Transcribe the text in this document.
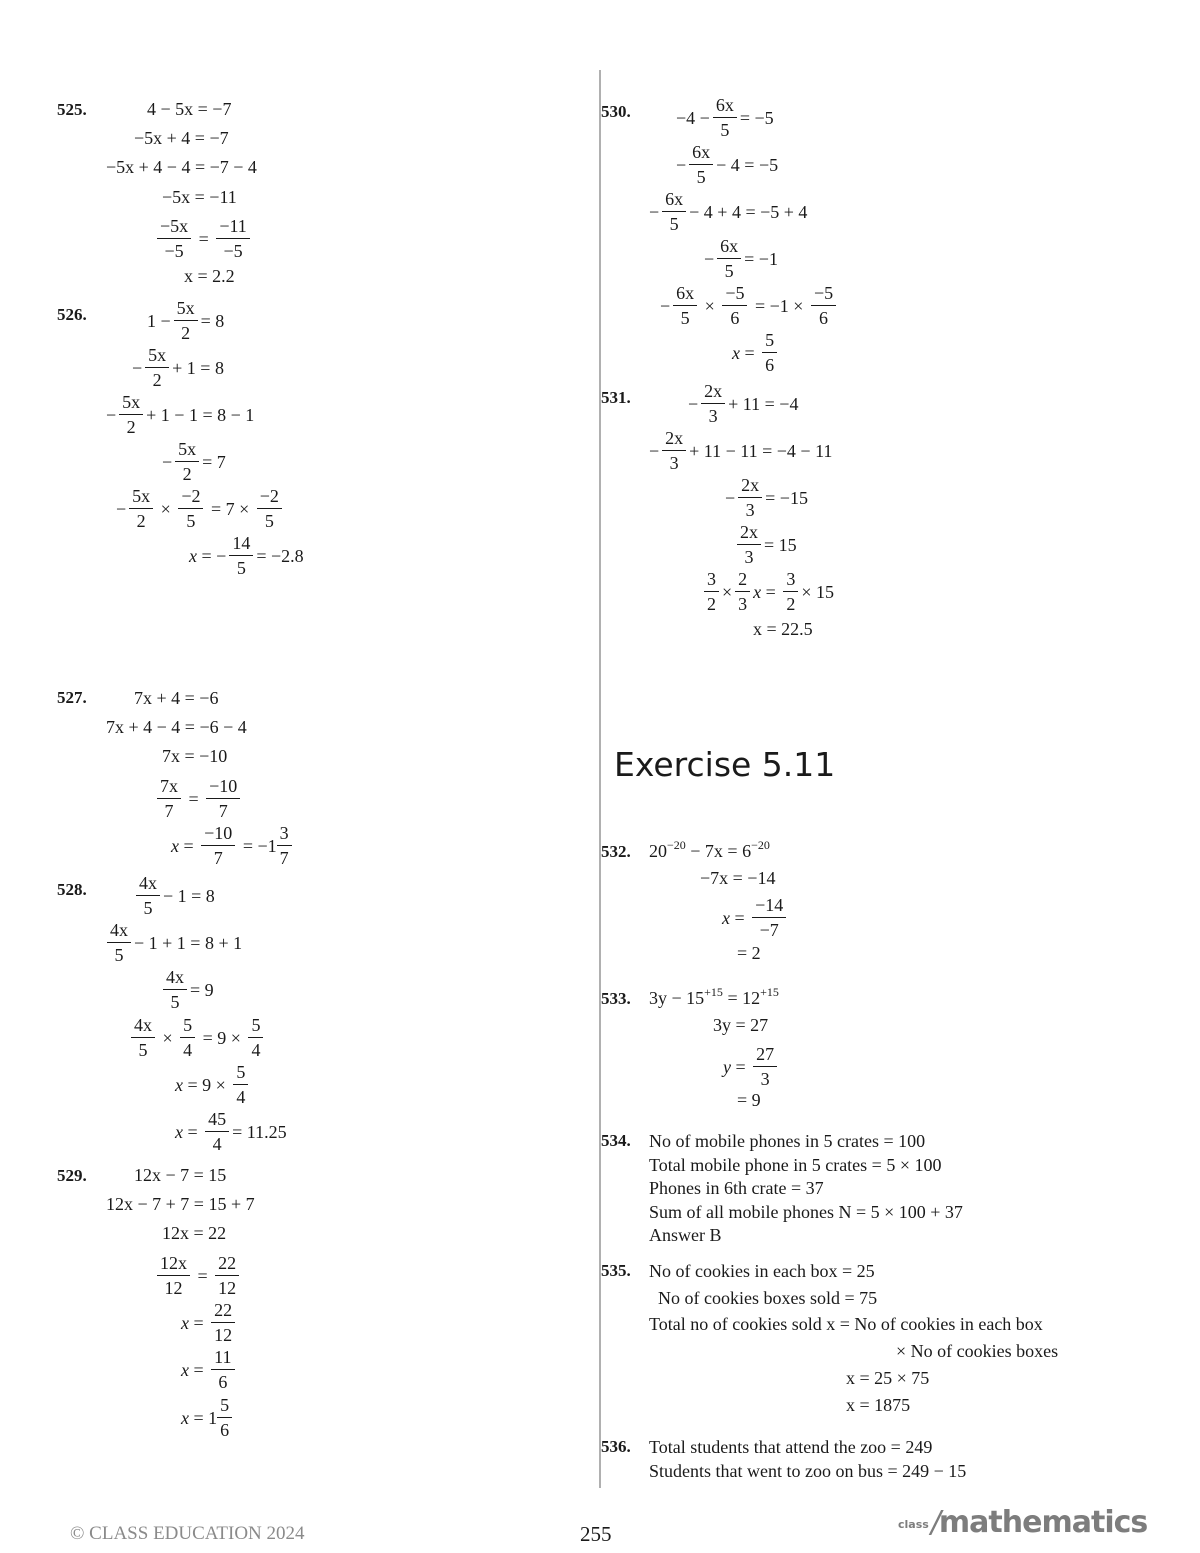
525.	4 − 5x = −7
−5x + 4 = −7
−5x + 4 − 4 = −7 − 4
−5x = −11
$\frac{-5x}{-5} = \frac{-11}{-5}$
x = 2.2
526.	$1 - \frac{5x}{2} = 8$
− $\frac{5x}{2} + 1 = 8$
− $\frac{5x}{2} + 1 - 1 = 8 - 1$
− $\frac{5x}{2} = 7$
− $\frac{5x}{2} \times \frac{-2}{5} = 7 \times \frac{-2}{5}$
x = − $\frac{14}{5} = -2.8$
527.	7x + 4 = −6
7x + 4 − 4 = −6 − 4
7x = −10
$\frac{7x}{7} = \frac{-10}{7}$
$x = \frac{-10}{7} = -1 \frac{3}{7}$
528.	$\frac{4x}{5} - 1 = 8$
$\frac{4x}{5} - 1 + 1 = 8 + 1$
$\frac{4x}{5} = 9$
$\frac{4x}{5} \times \frac{5}{4} = 9 \times \frac{5}{4}$
$x = 9 \times \frac{5}{4}$
$x = \frac{45}{4} = 11.25$
529.	12x − 7 = 15
12x − 7 + 7 = 15 + 7
12x = 22
$\frac{12x}{12} = \frac{22}{12}$
$x = \frac{22}{12}$
$x = \frac{11}{6}$
$x = 1 \frac{5}{6}$
530.	$-4 - \frac{6x}{5} = -5$
− $\frac{6x}{5} - 4 = -5$
− $\frac{6x}{5} - 4 + 4 = -5 + 4$
− $\frac{6x}{5} = -1$
− $\frac{6x}{5} \times \frac{-5}{6}$
= −1 ×
$\frac{-5}{6}$
$x = \frac{5}{6}$
531.	− $\frac{2x}{3} + 11 = -4$
− $\frac{2x}{3} + 11 - 11 = -4 - 11$
− $\frac{2x}{3} = -15$
$\frac{2x}{3} = 15$
$\frac{3}{2} \times \frac{2}{3}$ $x = \frac{3}{2} \times 15$
x = 22.5
Exercise 5.11
532. $20^{-20} - 7x = 6^{-20}$
−7x = −14
$x = \frac{-14}{-7}$
= 2
533. $3y - 15^{+15} = 12^{+15}$
3y = 27
$y = \frac{27}{3}$
= 9
534. No of mobile phones in 5 crates = 100
Total mobile phone in 5 crates = 5 × 100
Phones in 6th crate = 37
Sum of all mobile phones N = 5 × 100 + 37
Answer B
535. No of cookies in each box = 25
No of cookies boxes sold = 75
Total no of cookies sold x = No of cookies in each box
× No of cookies boxes
x = 25 × 75
x = 1875
536. Total students that attend the zoo = 249
Students that went to zoo on bus = 249 − 15
© CLASS EDUCATION 2024	255	class /
mathematics
